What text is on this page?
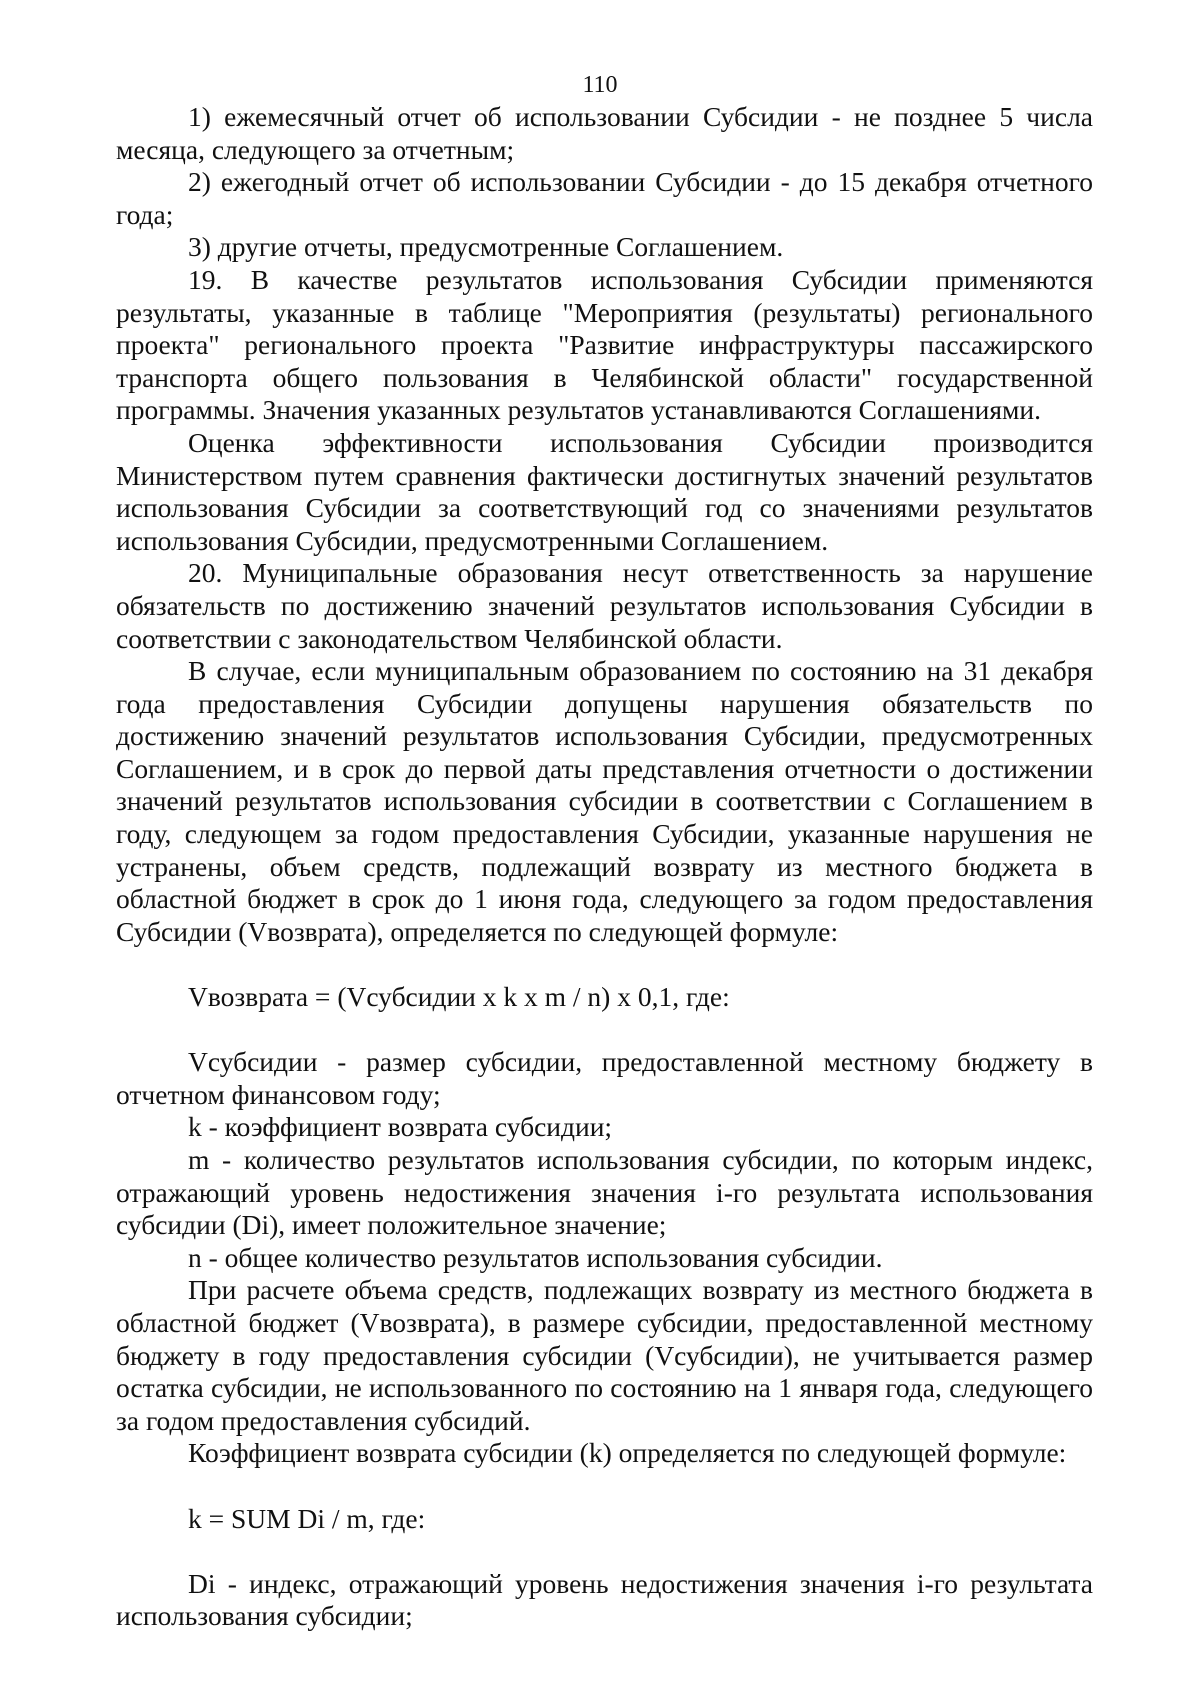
110

1) ежемесячный отчет об использовании Субсидии - не позднее 5 числа месяца, следующего за отчетным;

2) ежегодный отчет об использовании Субсидии - до 15 декабря отчетного года;

3) другие отчеты, предусмотренные Соглашением.

19. В качестве результатов использования Субсидии применяются результаты, указанные в таблице "Мероприятия (результаты) регионального проекта" регионального проекта "Развитие инфраструктуры пассажирского транспорта общего пользования в Челябинской области" государственной программы. Значения указанных результатов устанавливаются Соглашениями.

Оценка эффективности использования Субсидии производится Министерством путем сравнения фактически достигнутых значений результатов использования Субсидии за соответствующий год со значениями результатов использования Субсидии, предусмотренными Соглашением.

20. Муниципальные образования несут ответственность за нарушение обязательств по достижению значений результатов использования Субсидии в соответствии с законодательством Челябинской области.

В случае, если муниципальным образованием по состоянию на 31 декабря года предоставления Субсидии допущены нарушения обязательств по достижению значений результатов использования Субсидии, предусмотренных Соглашением, и в срок до первой даты представления отчетности о достижении значений результатов использования субсидии в соответствии с Соглашением в году, следующем за годом предоставления Субсидии, указанные нарушения не устранены, объем средств, подлежащий возврату из местного бюджета в областной бюджет в срок до 1 июня года, следующего за годом предоставления Субсидии (Vвозврата), определяется по следующей формуле:

Vвозврата = (Vсубсидии x k x m / n) x 0,1, где:

Vсубсидии - размер субсидии, предоставленной местному бюджету в отчетном финансовом году;

k - коэффициент возврата субсидии;

m - количество результатов использования субсидии, по которым индекс, отражающий уровень недостижения значения i-го результата использования субсидии (Di), имеет положительное значение;

n - общее количество результатов использования субсидии.

При расчете объема средств, подлежащих возврату из местного бюджета в областной бюджет (Vвозврата), в размере субсидии, предоставленной местному бюджету в году предоставления субсидии (Vсубсидии), не учитывается размер остатка субсидии, не использованного по состоянию на 1 января года, следующего за годом предоставления субсидий.

Коэффициент возврата субсидии (k) определяется по следующей формуле:

k = SUM Di / m, где:

Di - индекс, отражающий уровень недостижения значения i-го результата использования субсидии;
